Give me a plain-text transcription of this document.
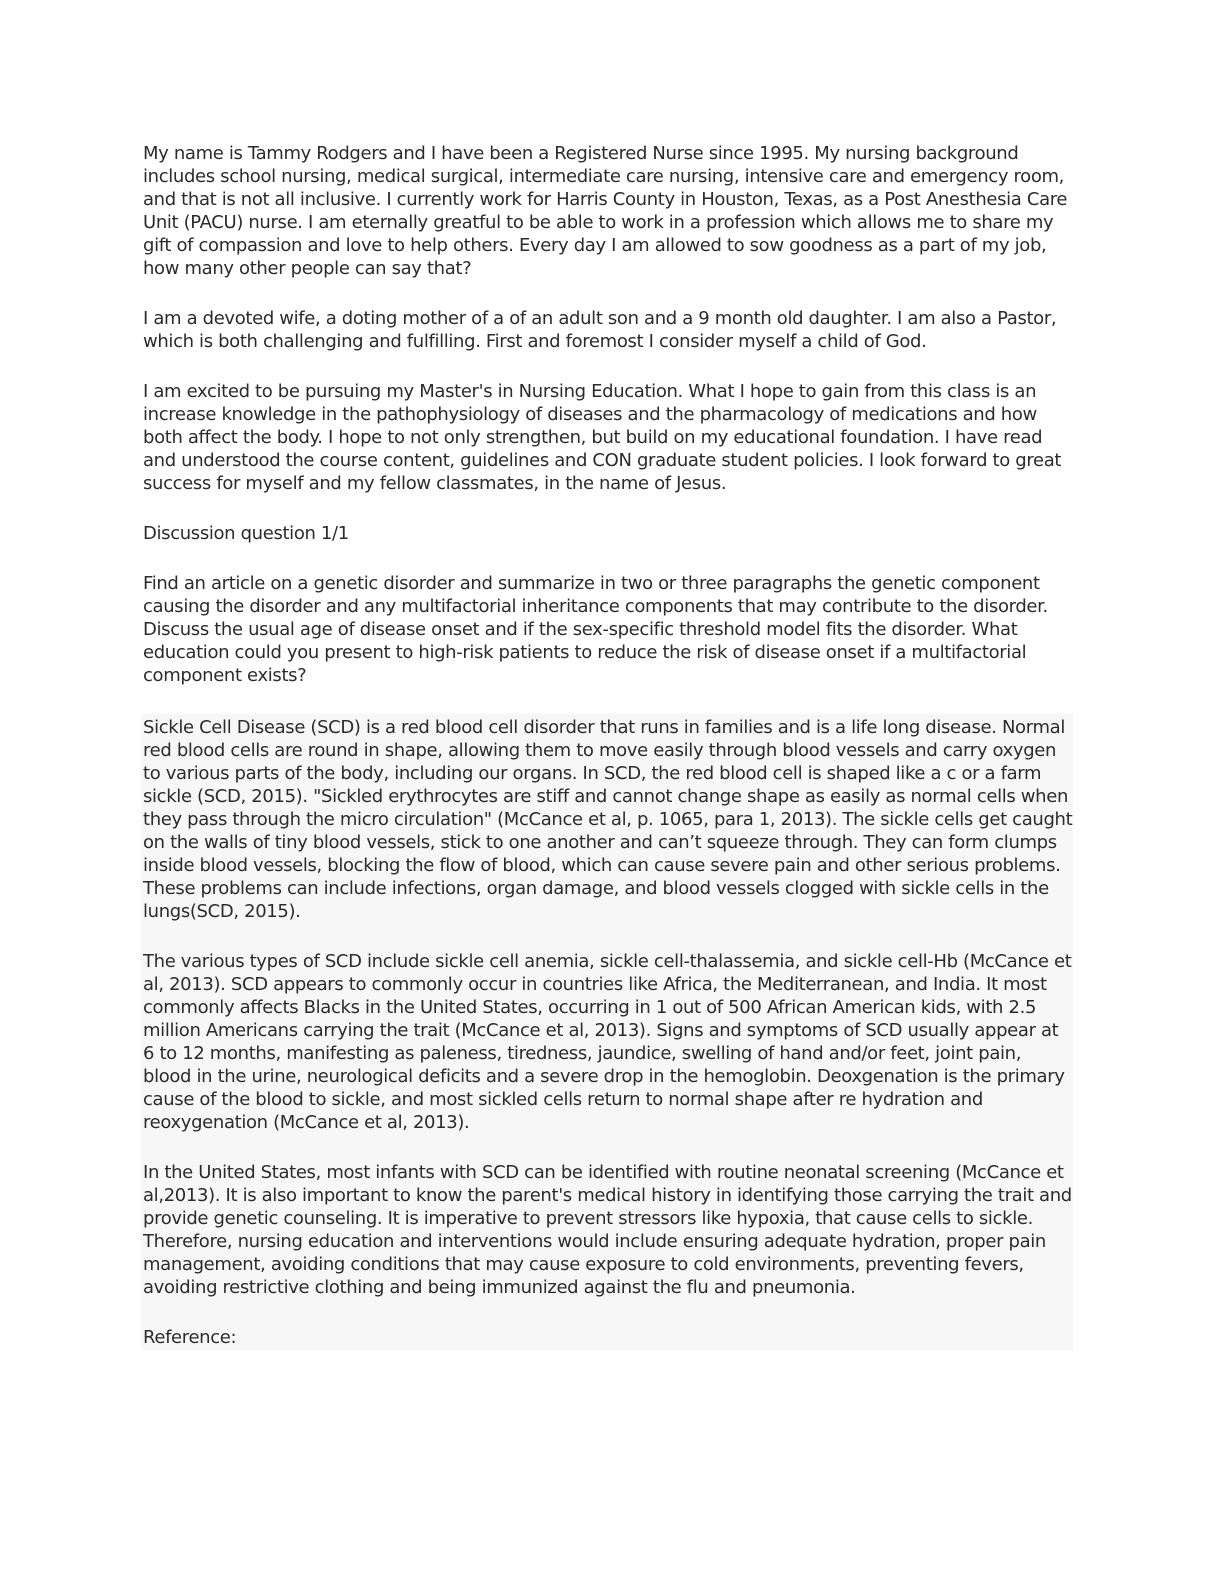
My name is Tammy Rodgers and I have been a Registered Nurse since 1995. My nursing background includes school nursing, medical surgical, intermediate care nursing, intensive care and emergency room, and that is not all inclusive. I currently work for Harris County in Houston, Texas, as a Post Anesthesia Care Unit (PACU) nurse. I am eternally greatful to be able to work in a profession which allows me to share my gift of compassion and love to help others. Every day I am allowed to sow goodness as a part of my job, how many other people can say that?

I am a devoted wife, a doting mother of a of an adult son and a 9 month old daughter. I am also a Pastor, which is both challenging and fulfilling. First and foremost I consider myself a child of God.

I am excited to be pursuing my Master's in Nursing Education. What I hope to gain from this class is an increase knowledge in the pathophysiology of diseases and the pharmacology of medications and how both affect the body. I hope to not only strengthen, but build on my educational foundation. I have read and understood the course content, guidelines and CON graduate student policies. I look forward to great success for myself and my fellow classmates, in the name of Jesus.

Discussion question 1/1

Find an article on a genetic disorder and summarize in two or three paragraphs the genetic component causing the disorder and any multifactorial inheritance components that may contribute to the disorder. Discuss the usual age of disease onset and if the sex-specific threshold model fits the disorder. What education could you present to high-risk patients to reduce the risk of disease onset if a multifactorial component exists?

Sickle Cell Disease (SCD) is a red blood cell disorder that runs in families and is a life long disease. Normal red blood cells are round in shape, allowing them to move easily through blood vessels and carry oxygen to various parts of the body, including our organs. In SCD, the red blood cell is shaped like a c or a farm sickle (SCD, 2015). "Sickled erythrocytes are stiff and cannot change shape as easily as normal cells when they pass through the micro circulation" (McCance et al, p. 1065, para 1, 2013). The sickle cells get caught on the walls of tiny blood vessels, stick to one another and can’t squeeze through. They can form clumps inside blood vessels, blocking the flow of blood, which can cause severe pain and other serious problems. These problems can include infections, organ damage, and blood vessels clogged with sickle cells in the lungs(SCD, 2015).

The various types of SCD include sickle cell anemia, sickle cell-thalassemia, and sickle cell-Hb (McCance et al, 2013). SCD appears to commonly occur in countries like Africa, the Mediterranean, and India. It most commonly affects Blacks in the United States, occurring in 1 out of 500 African American kids, with 2.5 million Americans carrying the trait (McCance et al, 2013). Signs and symptoms of SCD usually appear at 6 to 12 months, manifesting as paleness, tiredness, jaundice, swelling of hand and/or feet, joint pain, blood in the urine, neurological deficits and a severe drop in the hemoglobin. Deoxgenation is the primary cause of the blood to sickle, and most sickled cells return to normal shape after re hydration and reoxygenation (McCance et al, 2013).

In the United States, most infants with SCD can be identified with routine neonatal screening (McCance et al,2013). It is also important to know the parent's medical history in identifying those carrying the trait and provide genetic counseling. It is imperative to prevent stressors like hypoxia, that cause cells to sickle. Therefore, nursing education and interventions would include ensuring adequate hydration, proper pain management, avoiding conditions that may cause exposure to cold environments, preventing fevers, avoiding restrictive clothing and being immunized against the flu and pneumonia.

Reference:
